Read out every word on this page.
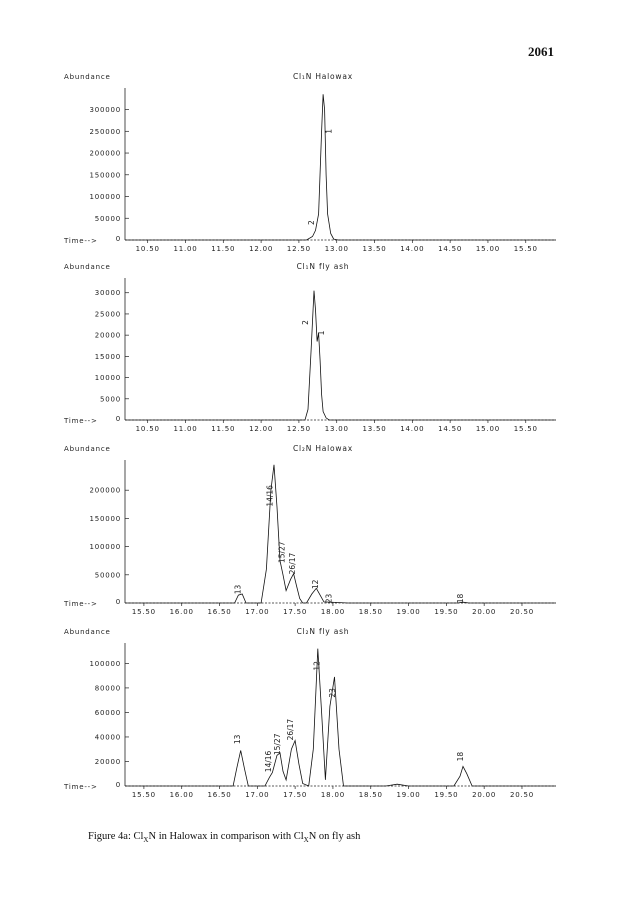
2061
Abundance	Cl₁N Halowax
50000
100000
150000
200000
250000
300000
Time-->	0
10.50 11.00 11.50 12.00 12.50 13.00 13.50 14.00 14.50 15.00 15.50
2
1
Abundance	Cl₁N fly ash
5000
10000
15000
20000
25000
30000
Time-->	0
10.50 11.00 11.50 12.00 12.50 13.00 13.50 14.00 14.50 15.00 15.50
2
1
Abundance	Cl₂N Halowax
50000
100000
150000
200000
Time-->	0
15.50 16.00 16.50 17.00 17.50 18.00 18.50 19.00 19.50 20.00 20.50
13
14/16
15/27
26/17
12
23	18
Abundance	Cl₂N fly ash
20000
40000
60000
80000
100000
Time-->	0
15.50 16.00 16.50 17.00 17.50 18.00 18.50 19.00 19.50 20.00 20.50
13
14/16
15/27
26/17
12
23
18
Figure 4a: $Cl_XN$ in Halowax in comparison with $Cl_XN$ on fly ash
